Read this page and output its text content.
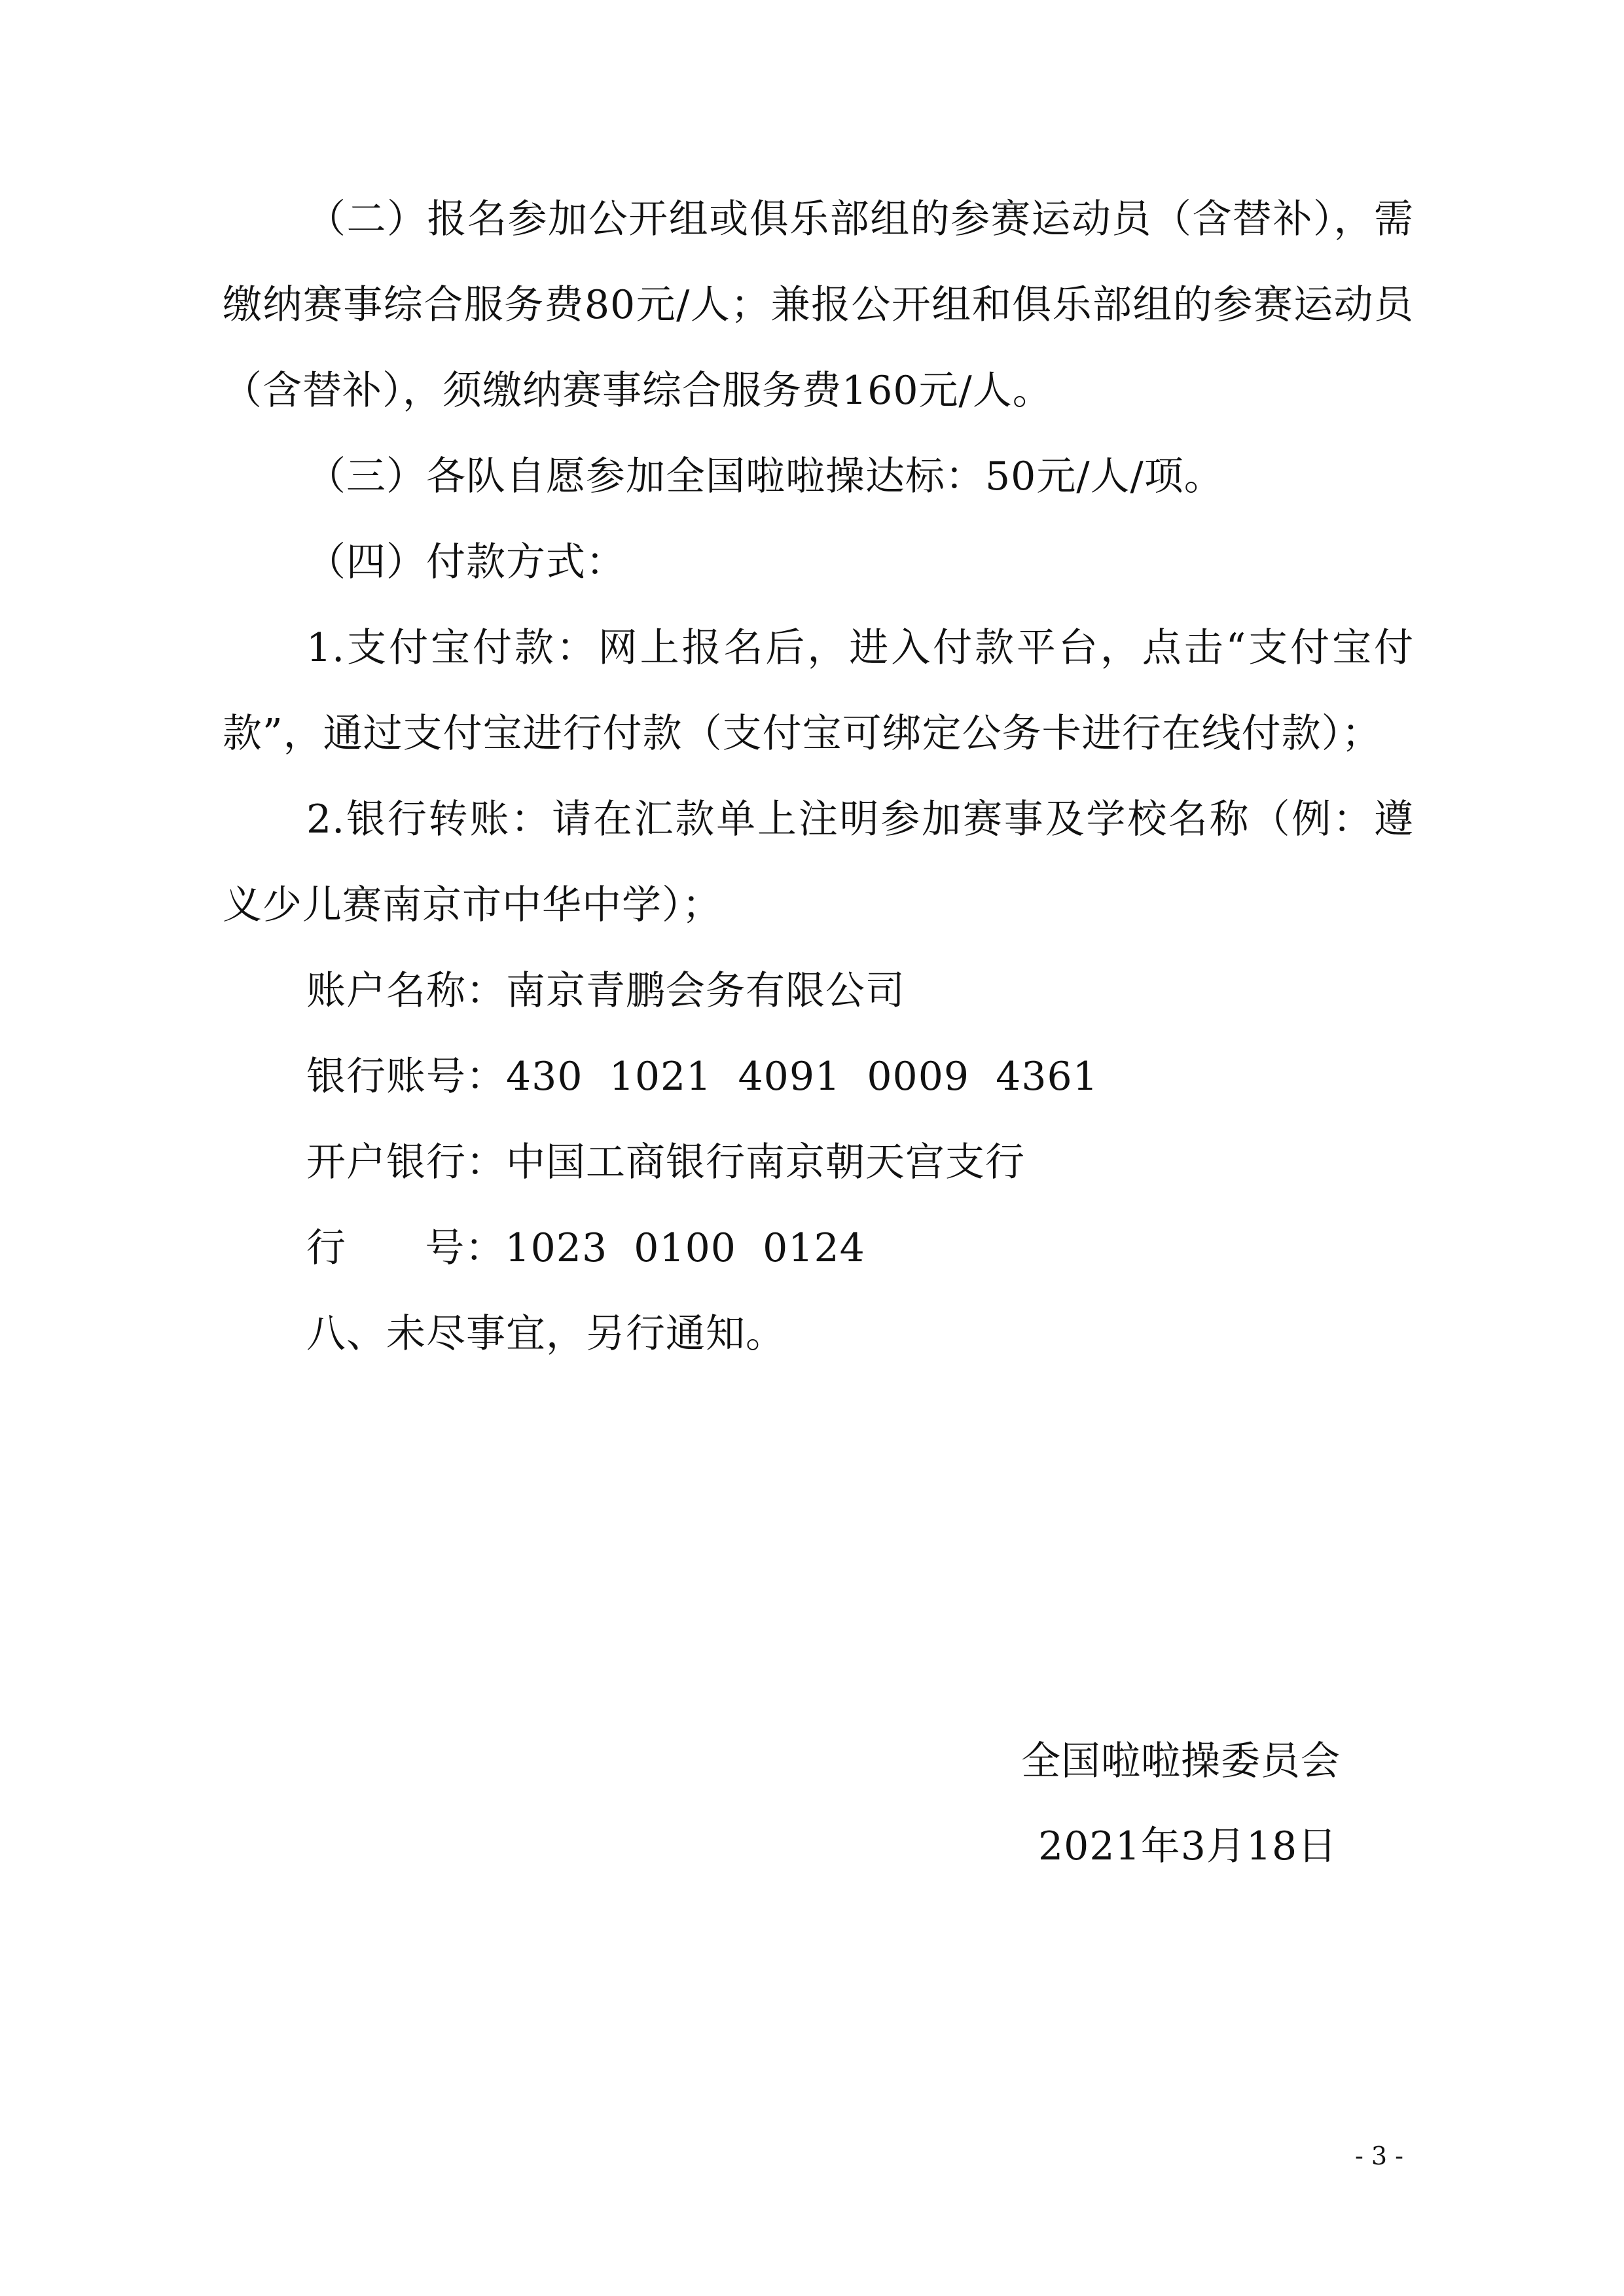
（二）报名参加公开组或俱乐部组的参赛运动员（含替补），需缴纳赛事综合服务费80元/人；兼报公开组和俱乐部组的参赛运动员（含替补），须缴纳赛事综合服务费160元/人。

（三）各队自愿参加全国啦啦操达标：50元/人/项。

（四）付款方式：

1.支付宝付款：网上报名后，进入付款平台，点击“支付宝付款”，通过支付宝进行付款（支付宝可绑定公务卡进行在线付款）；

2.银行转账：请在汇款单上注明参加赛事及学校名称（例：遵义少儿赛南京市中华中学）；

账户名称：南京青鹏会务有限公司

银行账号：430  1021  4091  0009  4361

开户银行：中国工商银行南京朝天宫支行

行      号：1023  0100  0124

八、未尽事宜，另行通知。

全国啦啦操委员会
2021年3月18日
- 3 -
